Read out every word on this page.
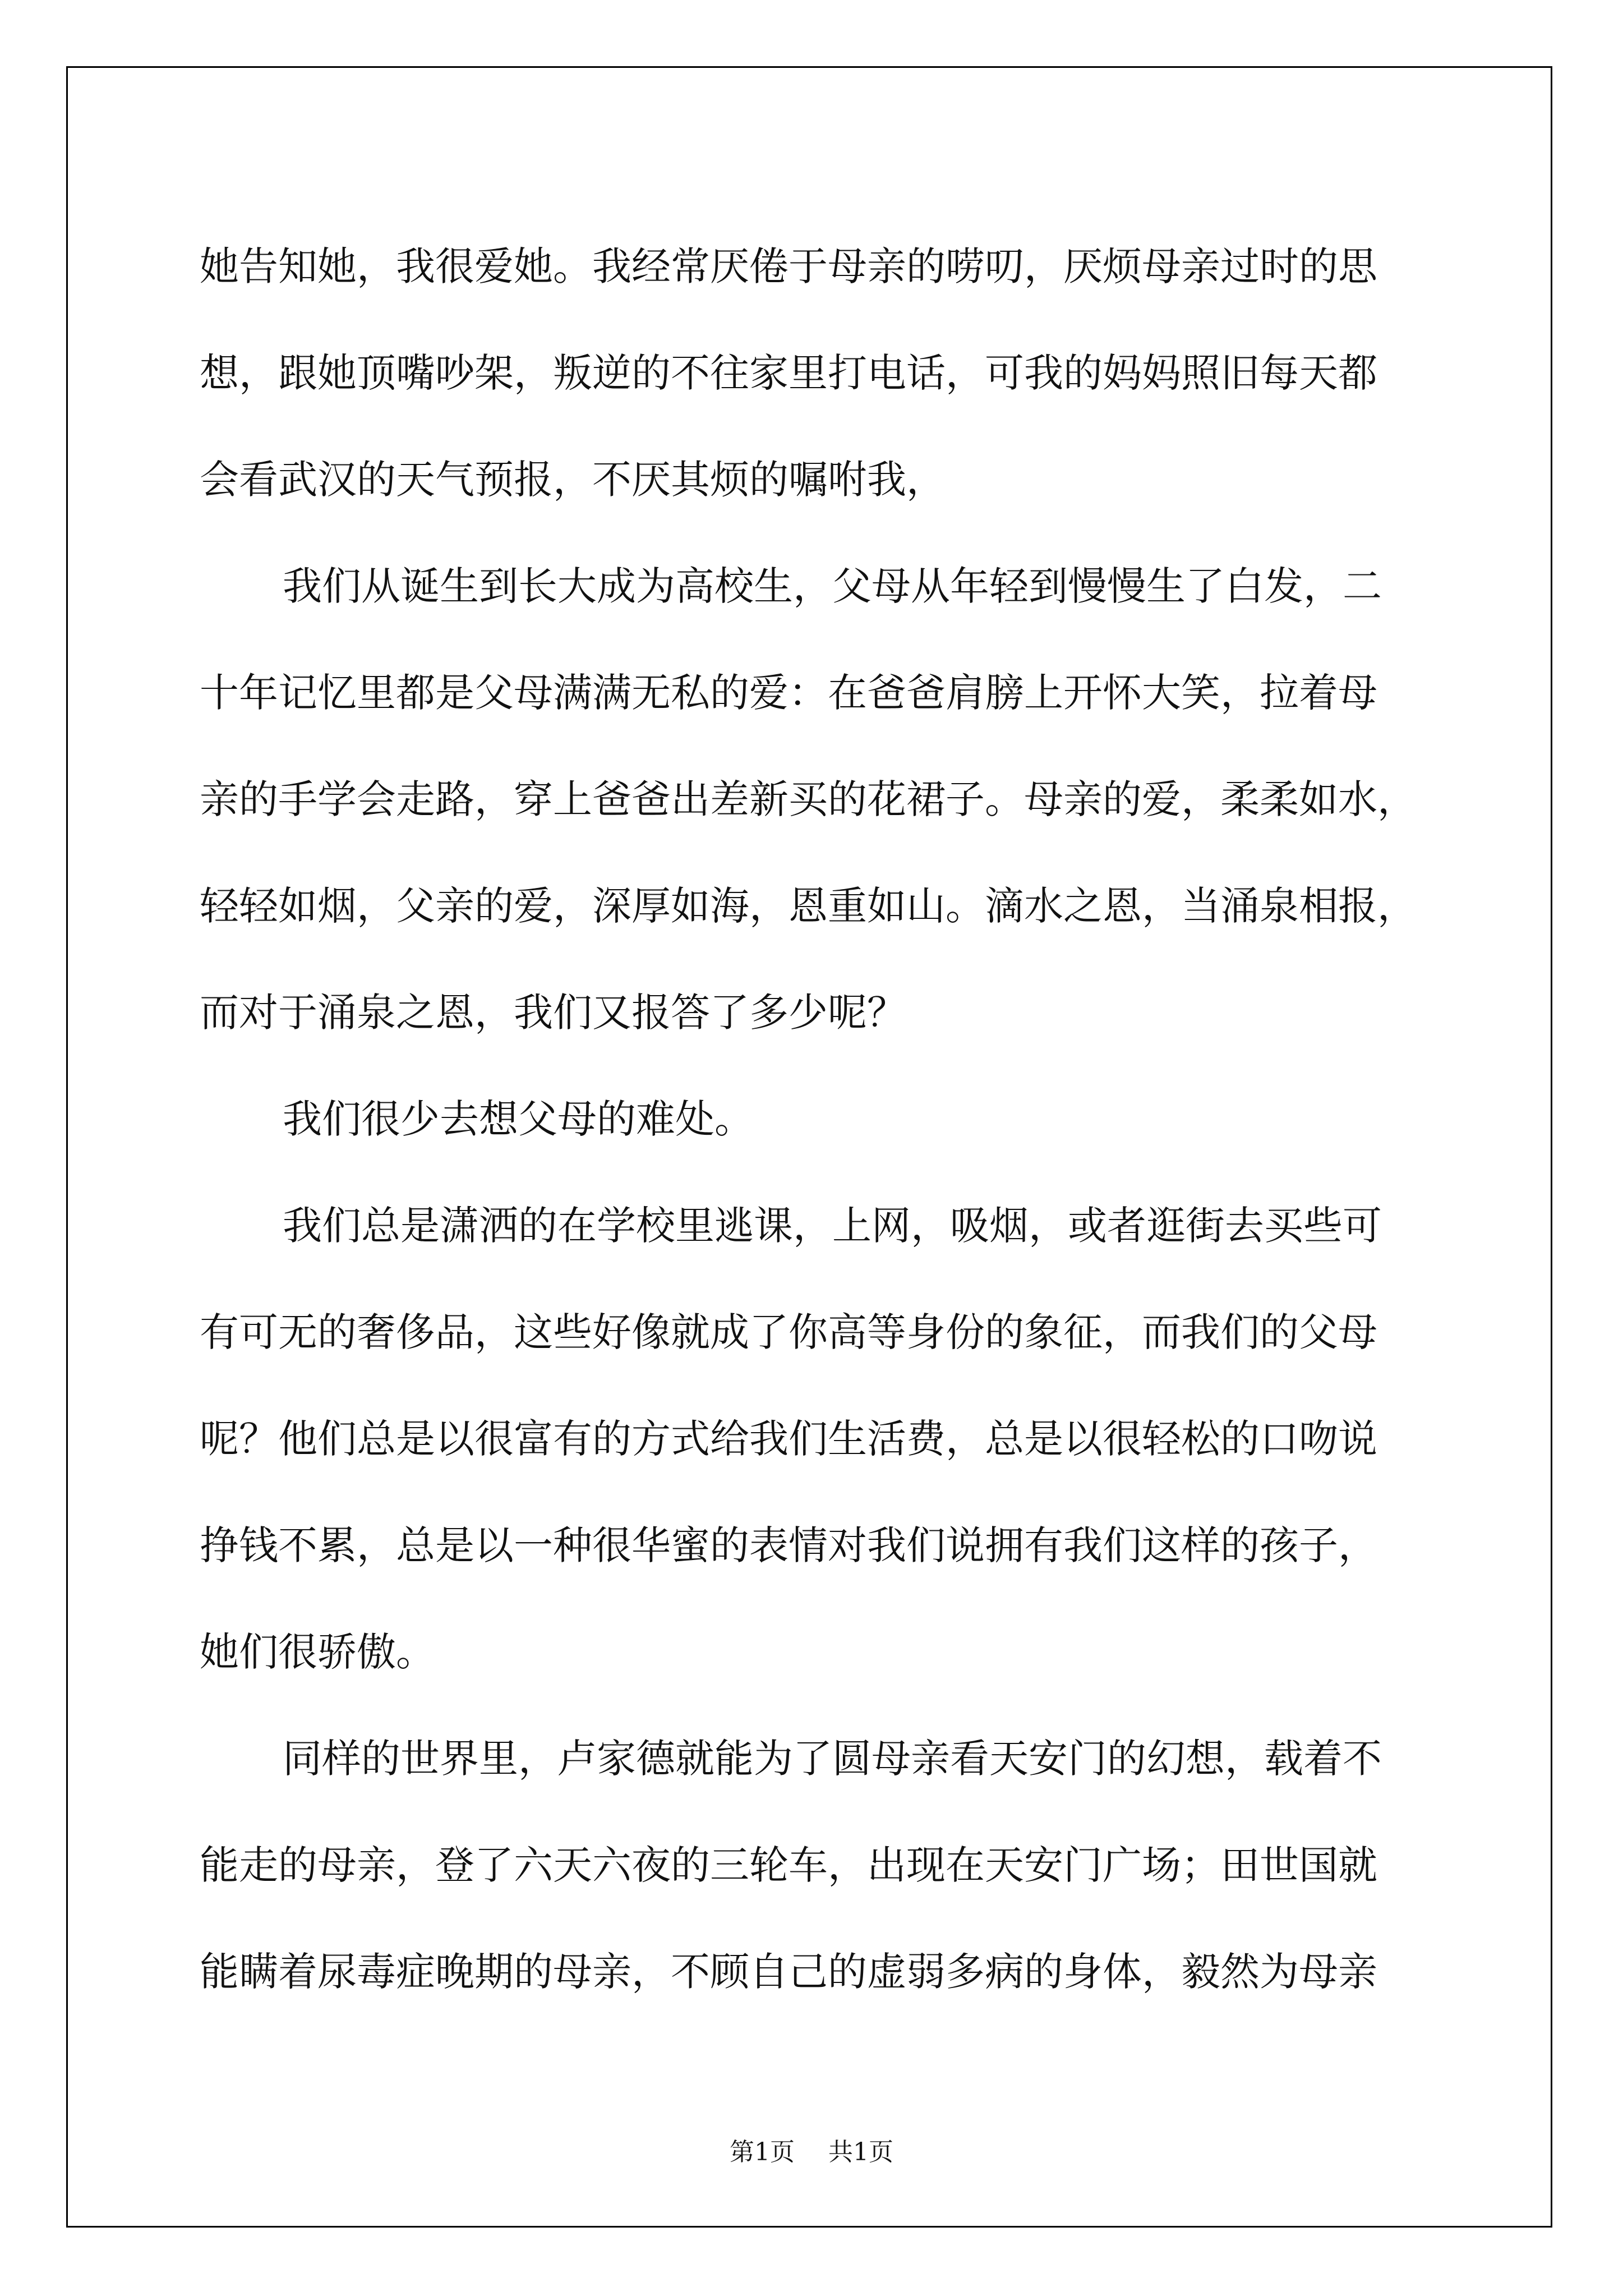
她告知她，我很爱她。我经常厌倦于母亲的唠叨，厌烦母亲过时的思
想，跟她顶嘴吵架，叛逆的不往家里打电话，可我的妈妈照旧每天都
会看武汉的天气预报，不厌其烦的嘱咐我，
我们从诞生到长大成为高校生，父母从年轻到慢慢生了白发，二
十年记忆里都是父母满满无私的爱：在爸爸肩膀上开怀大笑，拉着母
亲的手学会走路，穿上爸爸出差新买的花裙子。母亲的爱，柔柔如水，
轻轻如烟，父亲的爱，深厚如海，恩重如山。滴水之恩，当涌泉相报，
而对于涌泉之恩，我们又报答了多少呢？
我们很少去想父母的难处。
我们总是潇洒的在学校里逃课，上网，吸烟，或者逛街去买些可
有可无的奢侈品，这些好像就成了你高等身份的象征，而我们的父母
呢？他们总是以很富有的方式给我们生活费，总是以很轻松的口吻说
挣钱不累，总是以一种很华蜜的表情对我们说拥有我们这样的孩子，
她们很骄傲。
同样的世界里，卢家德就能为了圆母亲看天安门的幻想，载着不
能走的母亲，登了六天六夜的三轮车，出现在天安门广场；田世国就
能瞒着尿毒症晚期的母亲，不顾自己的虚弱多病的身体，毅然为母亲
第1页 共1页
